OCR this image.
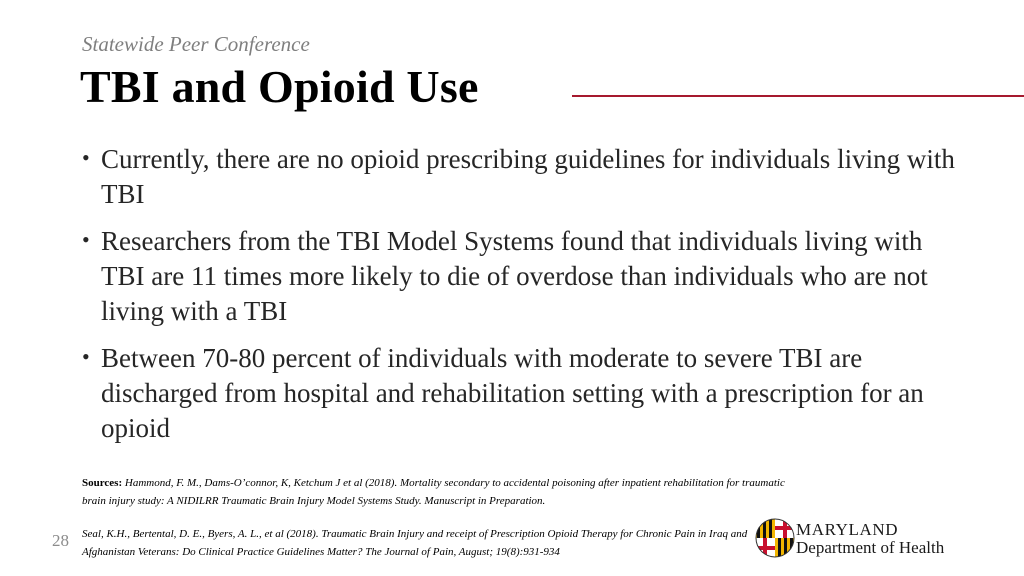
Statewide Peer Conference
TBI and Opioid Use
• Currently, there are no opioid prescribing guidelines for individuals living with TBI
• Researchers from the TBI Model Systems found that individuals living with TBI are 11 times more likely to die of overdose than individuals who are not living with a TBI
• Between 70-80 percent of individuals with moderate to severe TBI are discharged from hospital and rehabilitation setting with a prescription for an opioid

Sources: Hammond, F. M., Dams-O’connor, K, Ketchum J et al (2018). Mortality secondary to accidental poisoning after inpatient rehabilitation for traumatic brain injury study: A NIDILRR Traumatic Brain Injury Model Systems Study. Manuscript in Preparation.

Seal, K.H., Bertental, D. E., Byers, A. L., et al (2018). Traumatic Brain Injury and receipt of Prescription Opioid Therapy for Chronic Pain in Iraq and Afghanistan Veterans: Do Clinical Practice Guidelines Matter? The Journal of Pain, August; 19(8):931-934

28
MARYLAND
Department of Health
